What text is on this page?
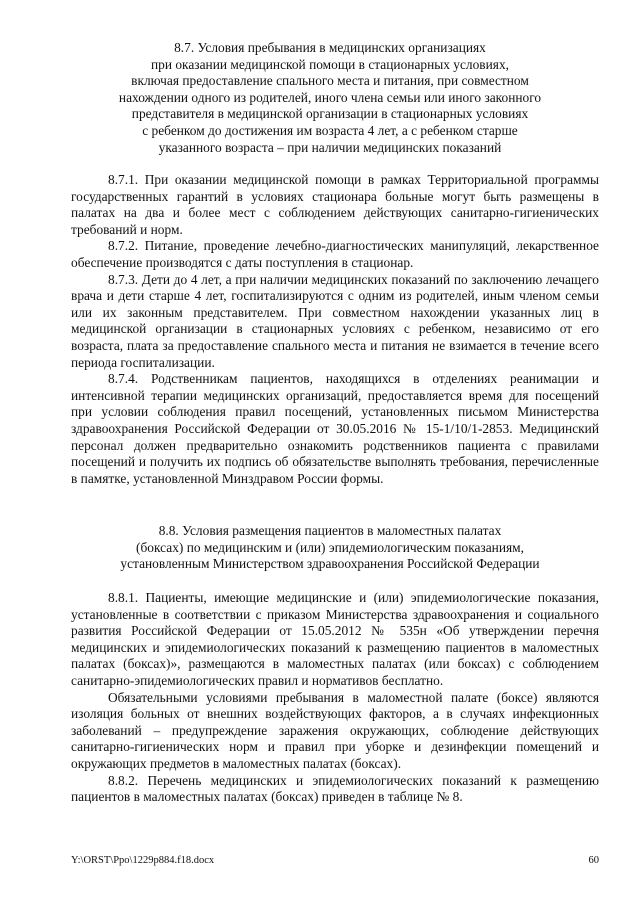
8.7. Условия пребывания в медицинских организациях
при оказании медицинской помощи в стационарных условиях,
включая предоставление спального места и питания, при совместном
нахождении одного из родителей, иного члена семьи или иного законного
представителя в медицинской организации в стационарных условиях
с ребенком до достижения им возраста 4 лет, а с ребенком старше
указанного возраста – при наличии медицинских показаний

8.7.1. При оказании медицинской помощи в рамках Территориальной программы государственных гарантий в условиях стационара больные могут быть размещены в палатах на два и более мест с соблюдением действующих санитарно-гигиенических требований и норм.

8.7.2. Питание, проведение лечебно-диагностических манипуляций, лекарственное обеспечение производятся с даты поступления в стационар.

8.7.3. Дети до 4 лет, а при наличии медицинских показаний по заключению лечащего врача и дети старше 4 лет, госпитализируются с одним из родителей, иным членом семьи или их законным представителем. При совместном нахождении указанных лиц в медицинской организации в стационарных условиях с ребенком, независимо от его возраста, плата за предоставление спального места и питания не взимается в течение всего периода госпитализации.

8.7.4. Родственникам пациентов, находящихся в отделениях реанимации и интенсивной терапии медицинских организаций, предоставляется время для посещений при условии соблюдения правил посещений, установленных письмом Министерства здравоохранения Российской Федерации от 30.05.2016 № 15-1/10/1-2853. Медицинский персонал должен предварительно ознакомить родственников пациента с правилами посещений и получить их подпись об обязательстве выполнять требования, перечисленные в памятке, установленной Минздравом России формы.

8.8. Условия размещения пациентов в маломестных палатах
(боксах) по медицинским и (или) эпидемиологическим показаниям,
установленным Министерством здравоохранения Российской Федерации

8.8.1. Пациенты, имеющие медицинские и (или) эпидемиологические показания, установленные в соответствии с приказом Министерства здравоохранения и социального развития Российской Федерации от 15.05.2012 № 535н «Об утверждении перечня медицинских и эпидемиологических показаний к размещению пациентов в маломестных палатах (боксах)», размещаются в маломестных палатах (или боксах) с соблюдением санитарно-эпидемиологических правил и нормативов бесплатно.

Обязательными условиями пребывания в маломестной палате (боксе) являются изоляция больных от внешних воздействующих факторов, а в случаях инфекционных заболеваний – предупреждение заражения окружающих, соблюдение действующих санитарно-гигиенических норм и правил при уборке и дезинфекции помещений и окружающих предметов в маломестных палатах (боксах).

8.8.2. Перечень медицинских и эпидемиологических показаний к размещению пациентов в маломестных палатах (боксах) приведен в таблице № 8.

Y:\ORST\Ppo\1229p884.f18.docx	60
